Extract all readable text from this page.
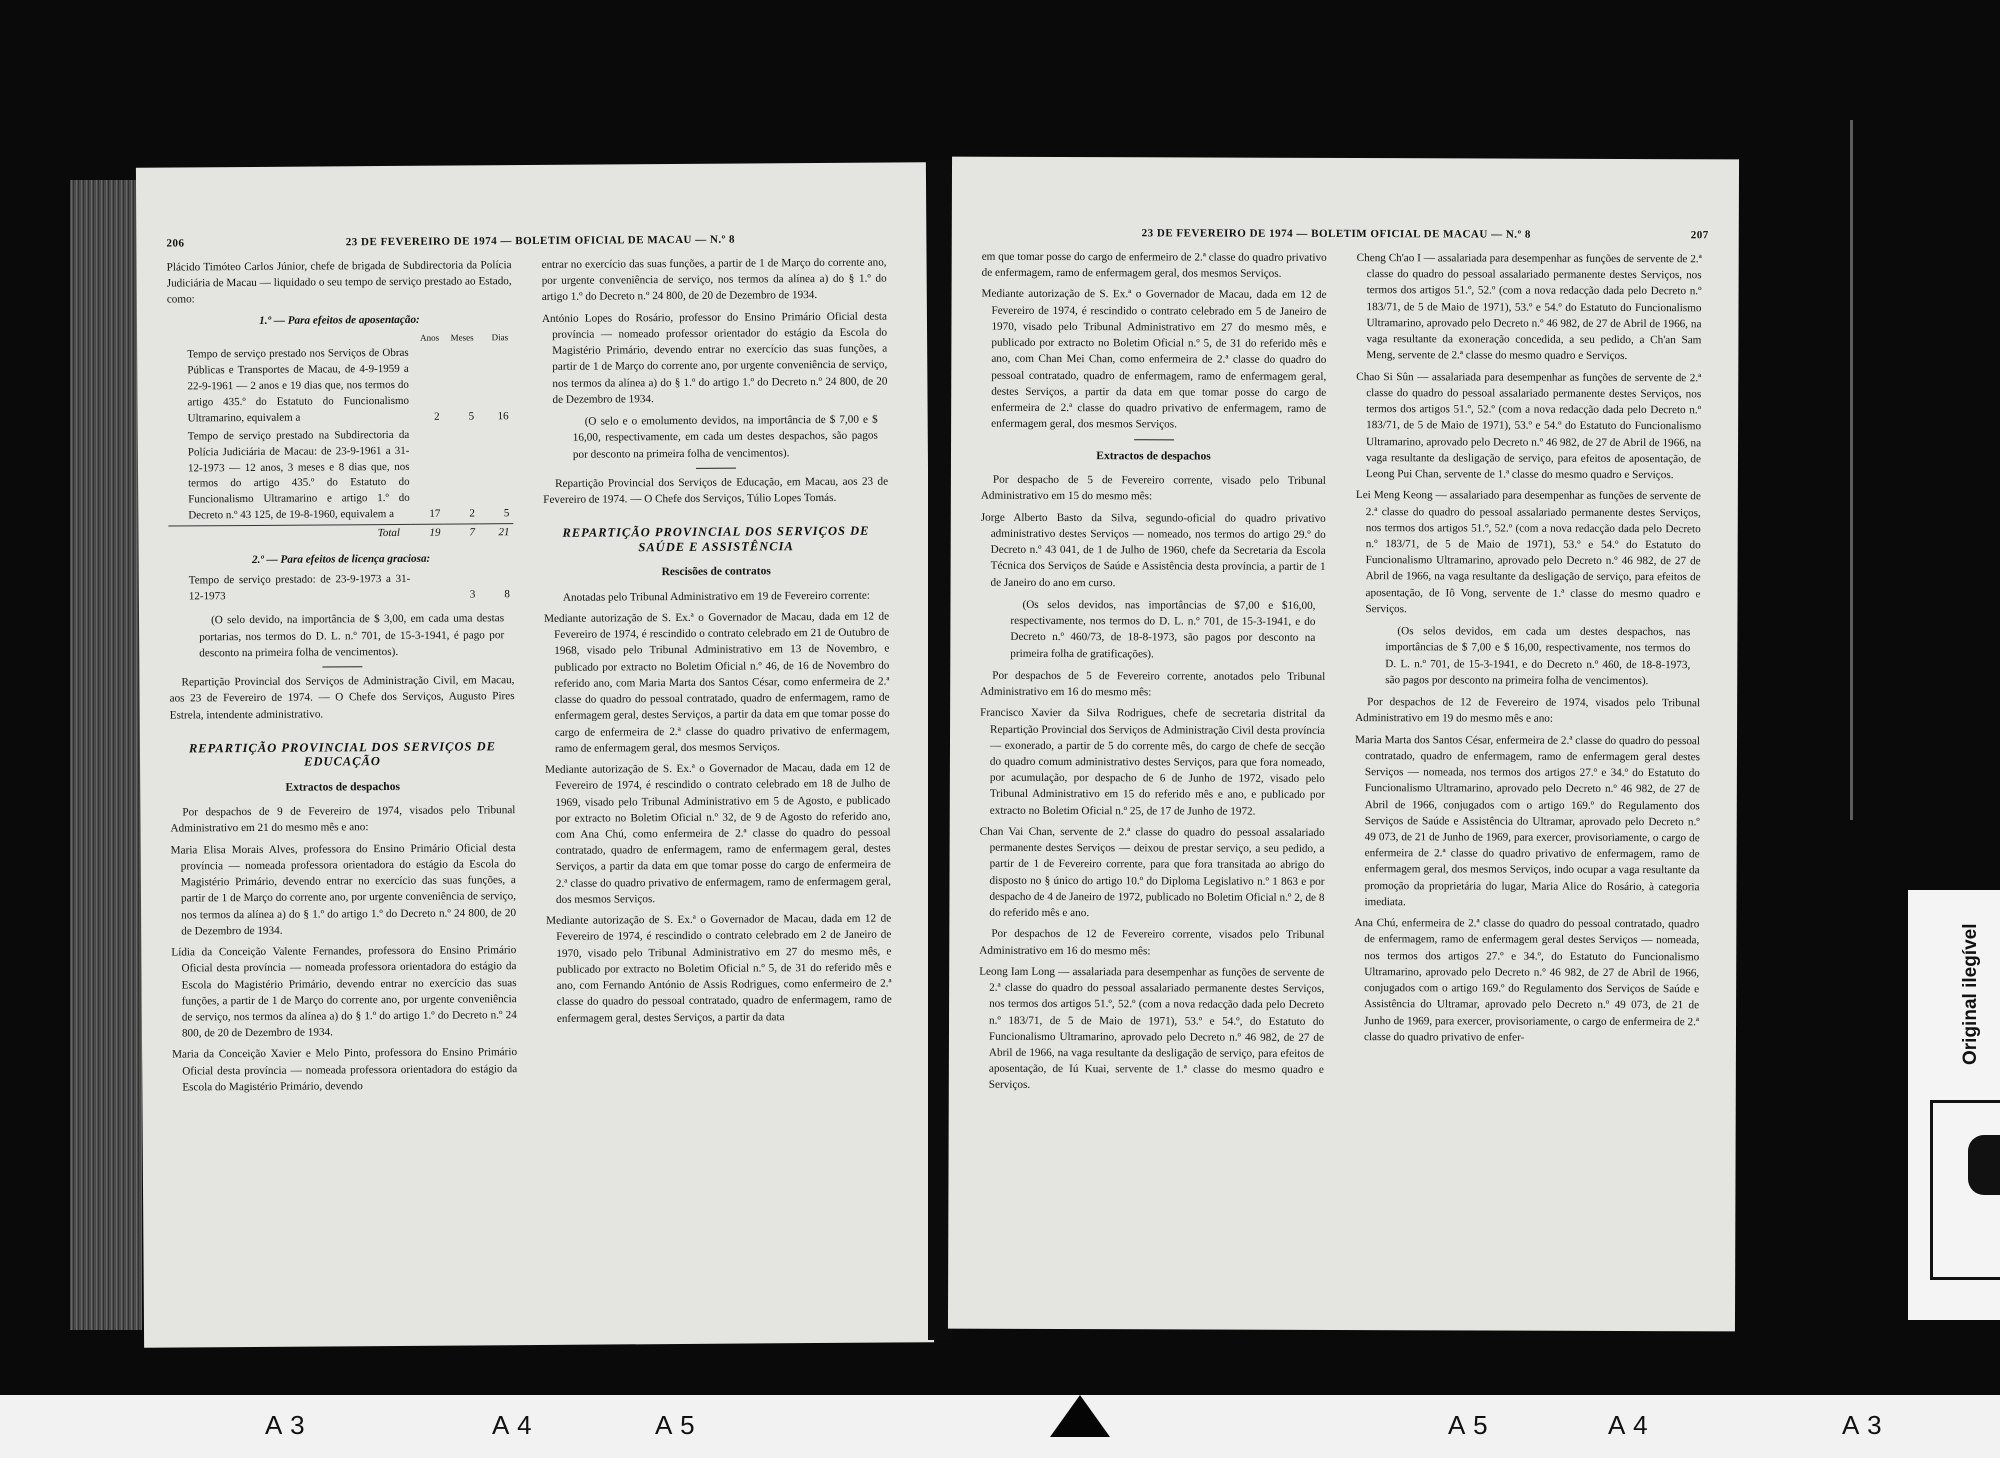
206	23 DE FEVEREIRO DE 1974 — BOLETIM OFICIAL DE MACAU — N.º 8

Plácido Timóteo Carlos Júnior, chefe de brigada de Subdirectoria da Polícia Judiciária de Macau — liquidado o seu tempo de serviço prestado ao Estado, como:

1.º — Para efeitos de aposentação:
	Anos	Meses	Dias
Tempo de serviço prestado nos Serviços de Obras Públicas e Transportes de Macau, de 4-9-1959 a 22-9-1961 — 2 anos e 19 dias que, nos termos do artigo 435.º do Estatuto do Funcionalismo Ultramarino, equivalem a	2	5	16
Tempo de serviço prestado na Subdirectoria da Polícia Judiciária de Macau: de 23-9-1961 a 31-12-1973 — 12 anos, 3 meses e 8 dias que, nos termos do artigo 435.º do Estatuto do Funcionalismo Ultramarino e artigo 1.º do Decreto n.º 43 125, de 19-8-1960, equivalem a	17	2	5
Total	19	7	21
2.º — Para efeitos de licença graciosa:
Tempo de serviço prestado: de 23-9-1973 a 31-12-1973		3	8

(O selo devido, na importância de $ 3,00, em cada uma destas portarias, nos termos do D. L. n.º 701, de 15-3-1941, é pago por desconto na primeira folha de vencimentos).

Repartição Provincial dos Serviços de Administração Civil, em Macau, aos 23 de Fevereiro de 1974. — O Chefe dos Serviços, Augusto Pires Estrela, intendente administrativo.

REPARTIÇÃO PROVINCIAL DOS SERVIÇOS DE EDUCAÇÃO
Extractos de despachos

Por despachos de 9 de Fevereiro de 1974, visados pelo Tribunal Administrativo em 21 do mesmo mês e ano:

Maria Elisa Morais Alves, professora do Ensino Primário Oficial desta província — nomeada professora orientadora do estágio da Escola do Magistério Primário, devendo entrar no exercício das suas funções, a partir de 1 de Março do corrente ano, por urgente conveniência de serviço, nos termos da alínea a) do § 1.º do artigo 1.º do Decreto n.º 24 800, de 20 de Dezembro de 1934.

Lídia da Conceição Valente Fernandes, professora do Ensino Primário Oficial desta província — nomeada professora orientadora do estágio da Escola do Magistério Primário, devendo entrar no exercício das suas funções, a partir de 1 de Março do corrente ano, por urgente conveniência de serviço, nos termos da alínea a) do § 1.º do artigo 1.º do Decreto n.º 24 800, de 20 de Dezembro de 1934.

Maria da Conceição Xavier e Melo Pinto, professora do Ensino Primário Oficial desta província — nomeada professora orientadora do estágio da Escola do Magistério Primário, devendo

entrar no exercício das suas funções, a partir de 1 de Março do corrente ano, por urgente conveniência de serviço, nos termos da alínea a) do § 1.º do artigo 1.º do Decreto n.º 24 800, de 20 de Dezembro de 1934.

António Lopes do Rosário, professor do Ensino Primário Oficial desta província — nomeado professor orientador do estágio da Escola do Magistério Primário, devendo entrar no exercício das suas funções, a partir de 1 de Março do corrente ano, por urgente conveniência de serviço, nos termos da alínea a) do § 1.º do artigo 1.º do Decreto n.º 24 800, de 20 de Dezembro de 1934.

(O selo e o emolumento devidos, na importância de $ 7,00 e $ 16,00, respectivamente, em cada um destes despachos, são pagos por desconto na primeira folha de vencimentos).

Repartição Provincial dos Serviços de Educação, em Macau, aos 23 de Fevereiro de 1974. — O Chefe dos Serviços, Túlio Lopes Tomás.

REPARTIÇÃO PROVINCIAL DOS SERVIÇOS DE SAÚDE E ASSISTÊNCIA
Rescisões de contratos

Anotadas pelo Tribunal Administrativo em 19 de Fevereiro corrente:

Mediante autorização de S. Ex.ª o Governador de Macau, dada em 12 de Fevereiro de 1974, é rescindido o contrato celebrado em 21 de Outubro de 1968, visado pelo Tribunal Administrativo em 13 de Novembro, e publicado por extracto no Boletim Oficial n.º 46, de 16 de Novembro do referido ano, com Maria Marta dos Santos César, como enfermeira de 2.ª classe do quadro do pessoal contratado, quadro de enfermagem, ramo de enfermagem geral, destes Serviços, a partir da data em que tomar posse do cargo de enfermeira de 2.ª classe do quadro privativo de enfermagem, ramo de enfermagem geral, dos mesmos Serviços.

Mediante autorização de S. Ex.ª o Governador de Macau, dada em 12 de Fevereiro de 1974, é rescindido o contrato celebrado em 18 de Julho de 1969, visado pelo Tribunal Administrativo em 5 de Agosto, e publicado por extracto no Boletim Oficial n.º 32, de 9 de Agosto do referido ano, com Ana Chú, como enfermeira de 2.ª classe do quadro do pessoal contratado, quadro de enfermagem, ramo de enfermagem geral, destes Serviços, a partir da data em que tomar posse do cargo de enfermeira de 2.ª classe do quadro privativo de enfermagem, ramo de enfermagem geral, dos mesmos Serviços.

Mediante autorização de S. Ex.ª o Governador de Macau, dada em 12 de Fevereiro de 1974, é rescindido o contrato celebrado em 2 de Janeiro de 1970, visado pelo Tribunal Administrativo em 27 do mesmo mês, e publicado por extracto no Boletim Oficial n.º 5, de 31 do referido mês e ano, com Fernando António de Assis Rodrigues, como enfermeiro de 2.ª classe do quadro do pessoal contratado, quadro de enfermagem, ramo de enfermagem geral, destes Serviços, a partir da data

23 DE FEVEREIRO DE 1974 — BOLETIM OFICIAL DE MACAU — N.º 8	207

em que tomar posse do cargo de enfermeiro de 2.ª classe do quadro privativo de enfermagem, ramo de enfermagem geral, dos mesmos Serviços.

Mediante autorização de S. Ex.ª o Governador de Macau, dada em 12 de Fevereiro de 1974, é rescindido o contrato celebrado em 5 de Janeiro de 1970, visado pelo Tribunal Administrativo em 27 do mesmo mês, e publicado por extracto no Boletim Oficial n.º 5, de 31 do referido mês e ano, com Chan Mei Chan, como enfermeira de 2.ª classe do quadro do pessoal contratado, quadro de enfermagem, ramo de enfermagem geral, destes Serviços, a partir da data em que tomar posse do cargo de enfermeira de 2.ª classe do quadro privativo de enfermagem, ramo de enfermagem geral, dos mesmos Serviços.

Extractos de despachos

Por despacho de 5 de Fevereiro corrente, visado pelo Tribunal Administrativo em 15 do mesmo mês:

Jorge Alberto Basto da Silva, segundo-oficial do quadro privativo administrativo destes Serviços — nomeado, nos termos do artigo 29.º do Decreto n.º 43 041, de 1 de Julho de 1960, chefe da Secretaria da Escola Técnica dos Serviços de Saúde e Assistência desta província, a partir de 1 de Janeiro do ano em curso.

(Os selos devidos, nas importâncias de $7,00 e $16,00, respectivamente, nos termos do D. L. n.º 701, de 15-3-1941, e do Decreto n.º 460/73, de 18-8-1973, são pagos por desconto na primeira folha de gratificações).

Por despachos de 5 de Fevereiro corrente, anotados pelo Tribunal Administrativo em 16 do mesmo mês:

Francisco Xavier da Silva Rodrigues, chefe de secretaria distrital da Repartição Provincial dos Serviços de Administração Civil desta província — exonerado, a partir de 5 do corrente mês, do cargo de chefe de secção do quadro comum administrativo destes Serviços, para que fora nomeado, por acumulação, por despacho de 6 de Junho de 1972, visado pelo Tribunal Administrativo em 15 do referido mês e ano, e publicado por extracto no Boletim Oficial n.º 25, de 17 de Junho de 1972.

Chan Vai Chan, servente de 2.ª classe do quadro do pessoal assalariado permanente destes Serviços — deixou de prestar serviço, a seu pedido, a partir de 1 de Fevereiro corrente, para que fora transitada ao abrigo do disposto no § único do artigo 10.º do Diploma Legislativo n.º 1 863 e por despacho de 4 de Janeiro de 1972, publicado no Boletim Oficial n.º 2, de 8 do referido mês e ano.

Por despachos de 12 de Fevereiro corrente, visados pelo Tribunal Administrativo em 16 do mesmo mês:

Leong Iam Long — assalariada para desempenhar as funções de servente de 2.ª classe do quadro do pessoal assalariado permanente destes Serviços, nos termos dos artigos 51.º, 52.º (com a nova redacção dada pelo Decreto n.º 183/71, de 5 de Maio de 1971), 53.º e 54.º, do Estatuto do Funcionalismo Ultramarino, aprovado pelo Decreto n.º 46 982, de 27 de Abril de 1966, na vaga resultante da desligação de serviço, para efeitos de aposentação, de Iú Kuai, servente de 1.ª classe do mesmo quadro e Serviços.

Cheng Ch'ao I — assalariada para desempenhar as funções de servente de 2.ª classe do quadro do pessoal assalariado permanente destes Serviços, nos termos dos artigos 51.º, 52.º (com a nova redacção dada pelo Decreto n.º 183/71, de 5 de Maio de 1971), 53.º e 54.º do Estatuto do Funcionalismo Ultramarino, aprovado pelo Decreto n.º 46 982, de 27 de Abril de 1966, na vaga resultante da exoneração concedida, a seu pedido, a Ch'an Sam Meng, servente de 2.ª classe do mesmo quadro e Serviços.

Chao Si Sûn — assalariada para desempenhar as funções de servente de 2.ª classe do quadro do pessoal assalariado permanente destes Serviços, nos termos dos artigos 51.º, 52.º (com a nova redacção dada pelo Decreto n.º 183/71, de 5 de Maio de 1971), 53.º e 54.º do Estatuto do Funcionalismo Ultramarino, aprovado pelo Decreto n.º 46 982, de 27 de Abril de 1966, na vaga resultante da desligação de serviço, para efeitos de aposentação, de Leong Pui Chan, servente de 1.ª classe do mesmo quadro e Serviços.

Lei Meng Keong — assalariado para desempenhar as funções de servente de 2.ª classe do quadro do pessoal assalariado permanente destes Serviços, nos termos dos artigos 51.º, 52.º (com a nova redacção dada pelo Decreto n.º 183/71, de 5 de Maio de 1971), 53.º e 54.º do Estatuto do Funcionalismo Ultramarino, aprovado pelo Decreto n.º 46 982, de 27 de Abril de 1966, na vaga resultante da desligação de serviço, para efeitos de aposentação, de Iô Vong, servente de 1.ª classe do mesmo quadro e Serviços.

(Os selos devidos, em cada um destes despachos, nas importâncias de $ 7,00 e $ 16,00, respectivamente, nos termos do D. L. n.º 701, de 15-3-1941, e do Decreto n.º 460, de 18-8-1973, são pagos por desconto na primeira folha de vencimentos).

Por despachos de 12 de Fevereiro de 1974, visados pelo Tribunal Administrativo em 19 do mesmo mês e ano:

Maria Marta dos Santos César, enfermeira de 2.ª classe do quadro do pessoal contratado, quadro de enfermagem, ramo de enfermagem geral destes Serviços — nomeada, nos termos dos artigos 27.º e 34.º do Estatuto do Funcionalismo Ultramarino, aprovado pelo Decreto n.º 46 982, de 27 de Abril de 1966, conjugados com o artigo 169.º do Regulamento dos Serviços de Saúde e Assistência do Ultramar, aprovado pelo Decreto n.º 49 073, de 21 de Junho de 1969, para exercer, provisoriamente, o cargo de enfermeira de 2.ª classe do quadro privativo de enfermagem, ramo de enfermagem geral, dos mesmos Serviços, indo ocupar a vaga resultante da promoção da proprietária do lugar, Maria Alice do Rosário, à categoria imediata.

Ana Chú, enfermeira de 2.ª classe do quadro do pessoal contratado, quadro de enfermagem, ramo de enfermagem geral destes Serviços — nomeada, nos termos dos artigos 27.º e 34.º, do Estatuto do Funcionalismo Ultramarino, aprovado pelo Decreto n.º 46 982, de 27 de Abril de 1966, conjugados com o artigo 169.º do Regulamento dos Serviços de Saúde e Assistência do Ultramar, aprovado pelo Decreto n.º 49 073, de 21 de Junho de 1969, para exercer, provisoriamente, o cargo de enfermeira de 2.ª classe do quadro privativo de enfer-	Original ilegível
A 3	A 4	A 5	A 5	A 4	A 3
